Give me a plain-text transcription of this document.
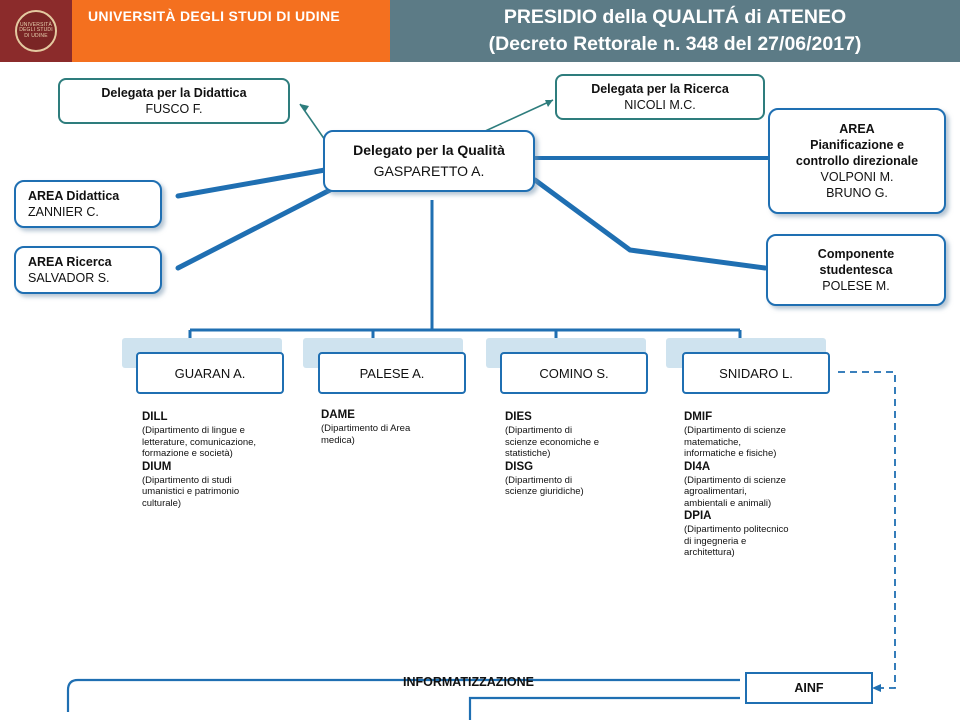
UNIVERSITÀ DEGLI STUDI DI UDINE
UNIVERSITÀ DEGLI STUDI DI UDINE	PRESIDIO della QUALITÁ di ATENEO
(Decreto Rettorale n. 348 del 27/06/2017)
Delegata per la Didattica
FUSCO F.
Delegata per la Ricerca
NICOLI M.C.
Delegato per la Qualità
GASPARETTO A.
AREA
Pianificazione e
controllo direzionale
VOLPONI M.
BRUNO G.
AREA Didattica
ZANNIER C.
AREA Ricerca
SALVADOR S.
Componente
studentesca
POLESE M.
GUARAN A.	PALESE A.	COMINO S.	SNIDARO L.
DILL
(Dipartimento di lingue e letterature, comunicazione, formazione e società)
DIUM
(Dipartimento di studi umanistici e patrimonio culturale)
DAME
(Dipartimento di Area medica)
DIES
(Dipartimento di scienze economiche e statistiche)
DISG
(Dipartimento di scienze giuridiche)
DMIF
(Dipartimento di scienze matematiche, informatiche e fisiche)
DI4A
(Dipartimento di scienze agroalimentari, ambientali e animali)
DPIA
(Dipartimento politecnico di ingegneria e architettura)
INFORMATIZZAZIONE	AINF
